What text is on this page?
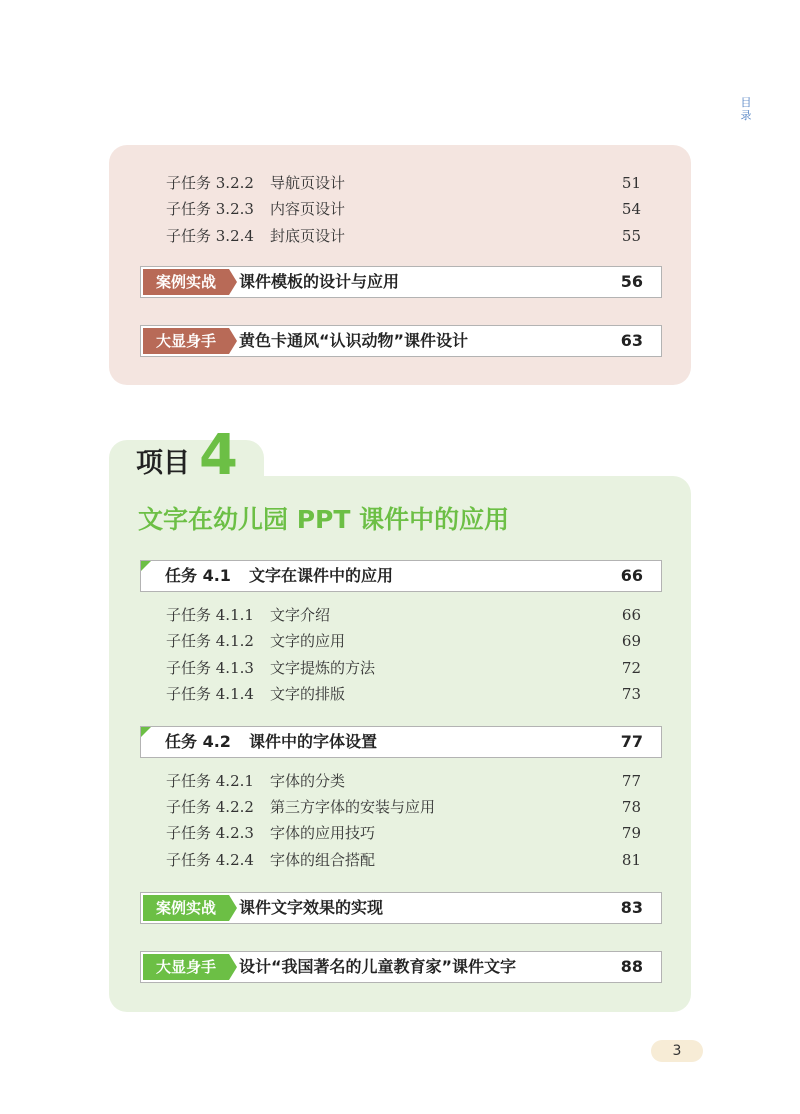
目录
子任务 3.2.2 导航页设计	51
子任务 3.2.3 内容页设计	54
子任务 3.2.4 封底页设计	55
案例实战	课件模板的设计与应用	56
大显身手	黄色卡通风“认识动物”课件设计	63
项目 4
文字在幼儿园 PPT 课件中的应用
任务 4.1 文字在课件中的应用	66
子任务 4.1.1 文字介绍	66
子任务 4.1.2 文字的应用	69
子任务 4.1.3 文字提炼的方法	72
子任务 4.1.4 文字的排版	73
任务 4.2 课件中的字体设置	77
子任务 4.2.1 字体的分类	77
子任务 4.2.2 第三方字体的安装与应用	78
子任务 4.2.3 字体的应用技巧	79
子任务 4.2.4 字体的组合搭配	81
案例实战	课件文字效果的实现	83
大显身手	设计“我国著名的儿童教育家”课件文字	88
3
